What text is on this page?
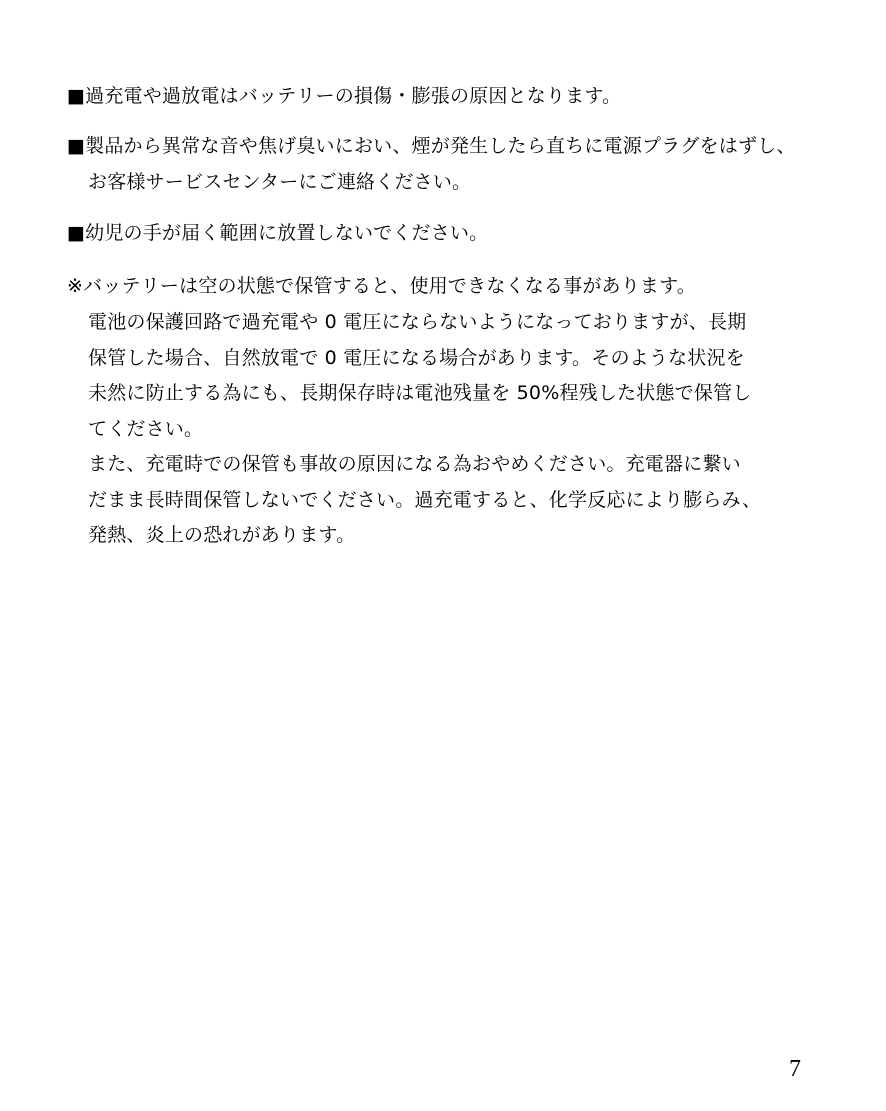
■過充電や過放電はバッテリーの損傷・膨張の原因となります。
■製品から異常な音や焦げ臭いにおい、煙が発生したら直ちに電源プラグをはずし、
お客様サービスセンターにご連絡ください。
■幼児の手が届く範囲に放置しないでください。
※バッテリーは空の状態で保管すると、使用できなくなる事があります。
電池の保護回路で過充電や 0 電圧にならないようになっておりますが、長期
保管した場合、自然放電で 0 電圧になる場合があります。そのような状況を
未然に防止する為にも、長期保存時は電池残量を 50%程残した状態で保管し
てください。
また、充電時での保管も事故の原因になる為おやめください。充電器に繋い
だまま長時間保管しないでください。過充電すると、化学反応により膨らみ、
発熱、炎上の恐れがあります。
7
